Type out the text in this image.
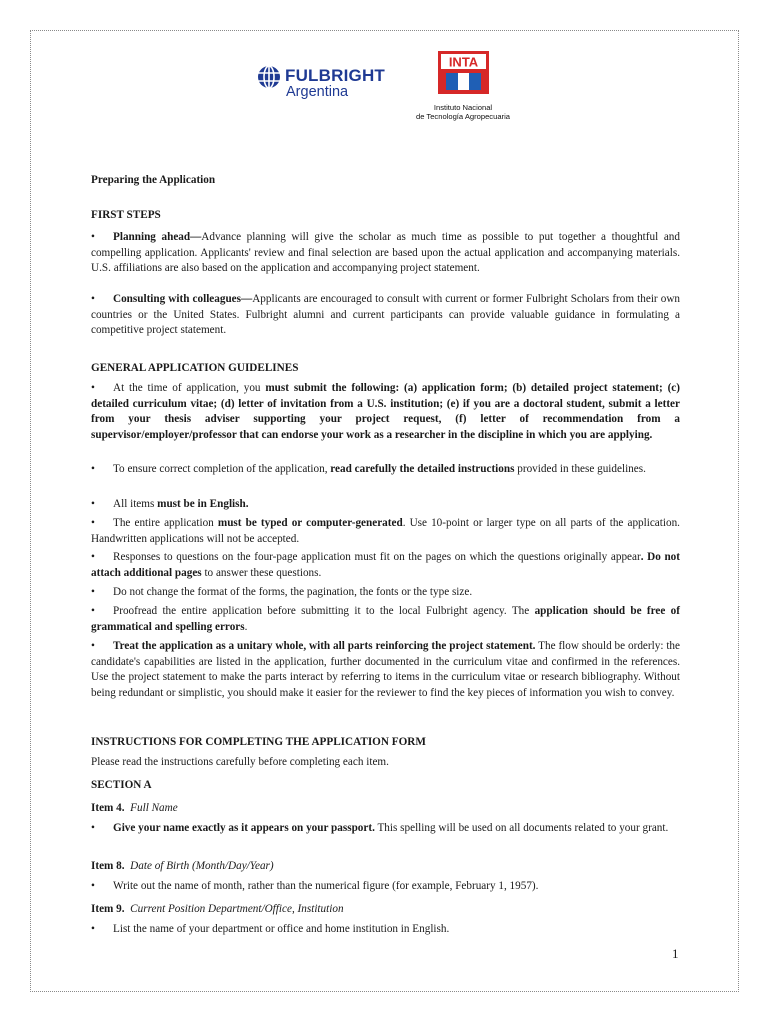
FULBRIGHT
Argentina
INTA
Instituto Nacional
de Tecnología Agropecuaria

Preparing the Application

FIRST STEPS

• Planning ahead—Advance planning will give the scholar as much time as possible to put together a thoughtful and compelling application. Applicants' review and final selection are based upon the actual application and accompanying materials. U.S. affiliations are also based on the application and accompanying project statement.

• Consulting with colleagues—Applicants are encouraged to consult with current or former Fulbright Scholars from their own countries or the United States. Fulbright alumni and current participants can provide valuable guidance in formulating a competitive project statement.

GENERAL APPLICATION GUIDELINES

• At the time of application, you must submit the following: (a) application form; (b) detailed project statement; (c) detailed curriculum vitae; (d) letter of invitation from a U.S. institution; (e) if you are a doctoral student, submit a letter from your thesis adviser supporting your project request, (f) letter of recommendation from a supervisor/employer/professor that can endorse your work as a researcher in the discipline in which you are applying.

• To ensure correct completion of the application, read carefully the detailed instructions provided in these guidelines.

• All items must be in English.

• The entire application must be typed or computer-generated. Use 10-point or larger type on all parts of the application. Handwritten applications will not be accepted.

• Responses to questions on the four-page application must fit on the pages on which the questions originally appear. Do not attach additional pages to answer these questions.

• Do not change the format of the forms, the pagination, the fonts or the type size.

• Proofread the entire application before submitting it to the local Fulbright agency. The application should be free of grammatical and spelling errors.

• Treat the application as a unitary whole, with all parts reinforcing the project statement. The flow should be orderly: the candidate's capabilities are listed in the application, further documented in the curriculum vitae and confirmed in the references. Use the project statement to make the parts interact by referring to items in the curriculum vitae or research bibliography. Without being redundant or simplistic, you should make it easier for the reviewer to find the key pieces of information you wish to convey.

INSTRUCTIONS FOR COMPLETING THE APPLICATION FORM

Please read the instructions carefully before completing each item.

SECTION A

Item 4. Full Name

• Give your name exactly as it appears on your passport. This spelling will be used on all documents related to your grant.

Item 8. Date of Birth (Month/Day/Year)

• Write out the name of month, rather than the numerical figure (for example, February 1, 1957).

Item 9. Current Position Department/Office, Institution

• List the name of your department or office and home institution in English.

1
